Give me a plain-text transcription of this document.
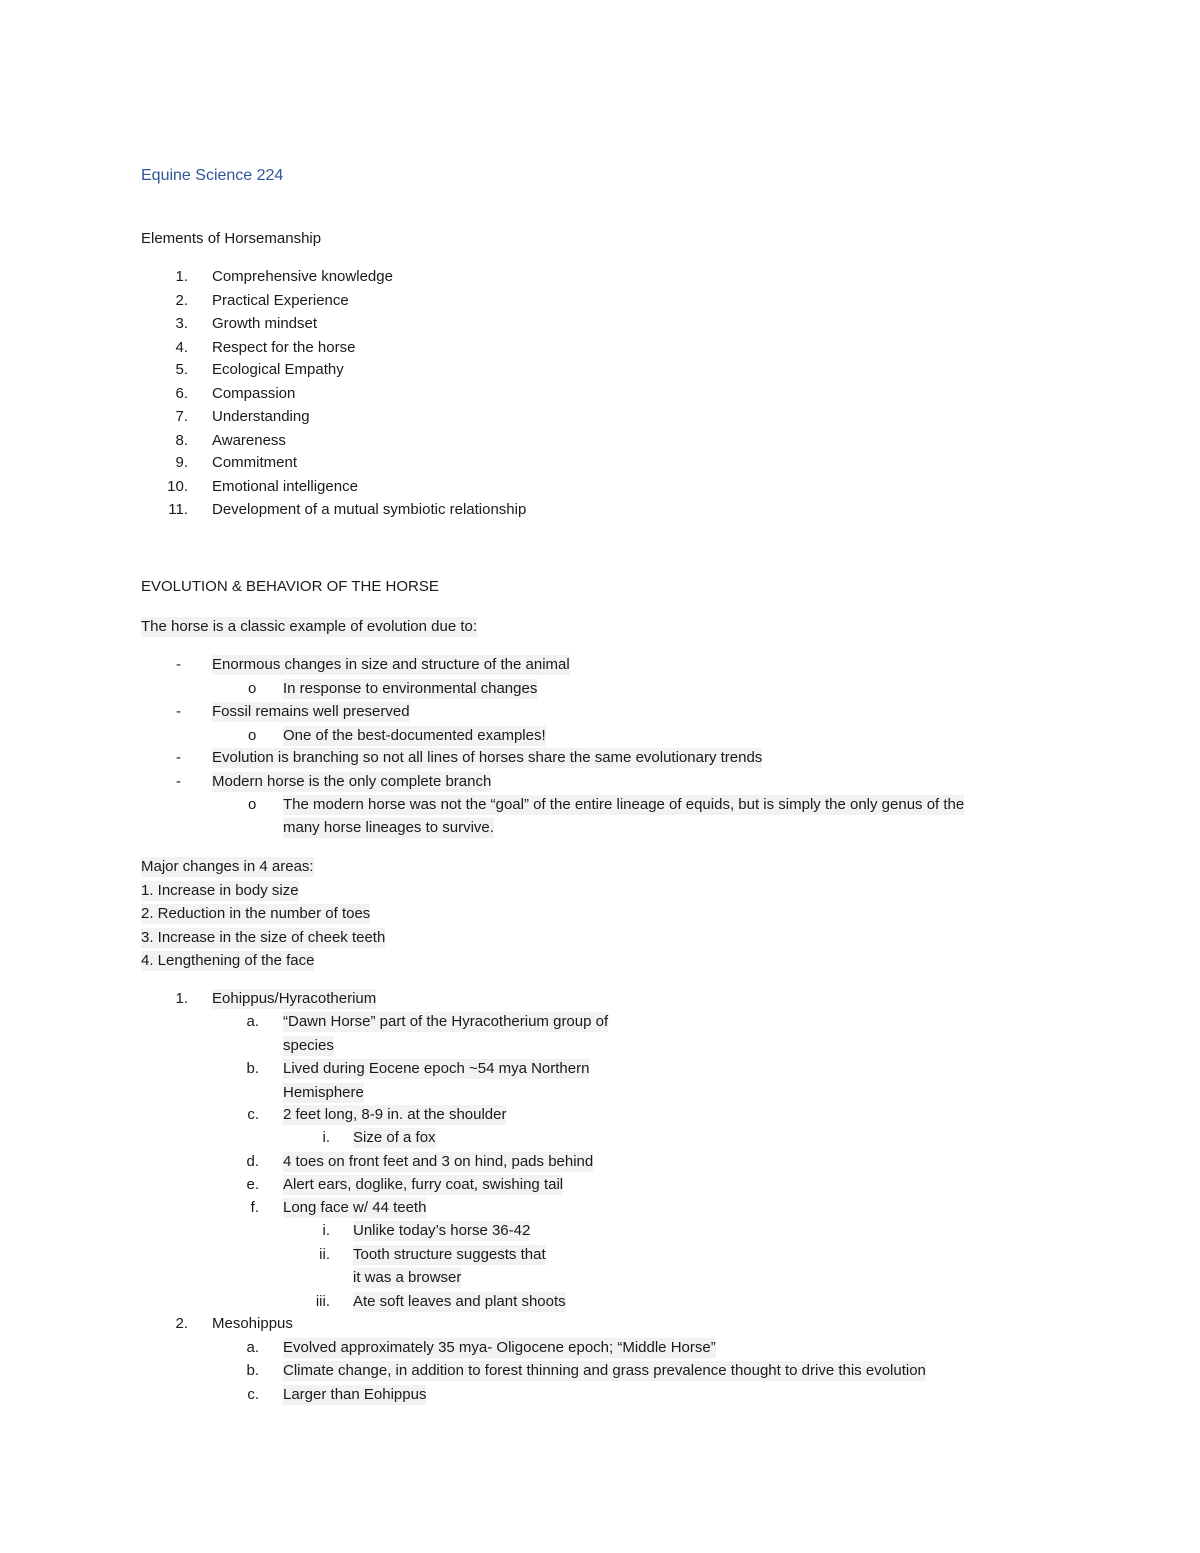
Equine Science 224
Elements of Horsemanship
1. Comprehensive knowledge
2. Practical Experience
3. Growth mindset
4. Respect for the horse
5. Ecological Empathy
6. Compassion
7. Understanding
8. Awareness
9. Commitment
10. Emotional intelligence
11. Development of a mutual symbiotic relationship
EVOLUTION & BEHAVIOR OF THE HORSE
The horse is a classic example of evolution due to:
- Enormous changes in size and structure of the animal
o In response to environmental changes
- Fossil remains well preserved
o One of the best-documented examples!
- Evolution is branching so not all lines of horses share the same evolutionary trends
- Modern horse is the only complete branch
o The modern horse was not the “goal” of the entire lineage of equids, but is simply the only genus of the
many horse lineages to survive.
Major changes in 4 areas:
1. Increase in body size
2. Reduction in the number of toes
3. Increase in the size of cheek teeth
4. Lengthening of the face
1. Eohippus/Hyracotherium
a. “Dawn Horse” part of the Hyracotherium group of
species
b. Lived during Eocene epoch ~54 mya Northern
Hemisphere
c. 2 feet long, 8-9 in. at the shoulder
i. Size of a fox
d. 4 toes on front feet and 3 on hind, pads behind
e. Alert ears, doglike, furry coat, swishing tail
f. Long face w/ 44 teeth
i. Unlike today’s horse 36-42
ii. Tooth structure suggests that
it was a browser
iii. Ate soft leaves and plant shoots
2. Mesohippus
a. Evolved approximately 35 mya- Oligocene epoch; “Middle Horse”
b. Climate change, in addition to forest thinning and grass prevalence thought to drive this evolution
c. Larger than Eohippus
